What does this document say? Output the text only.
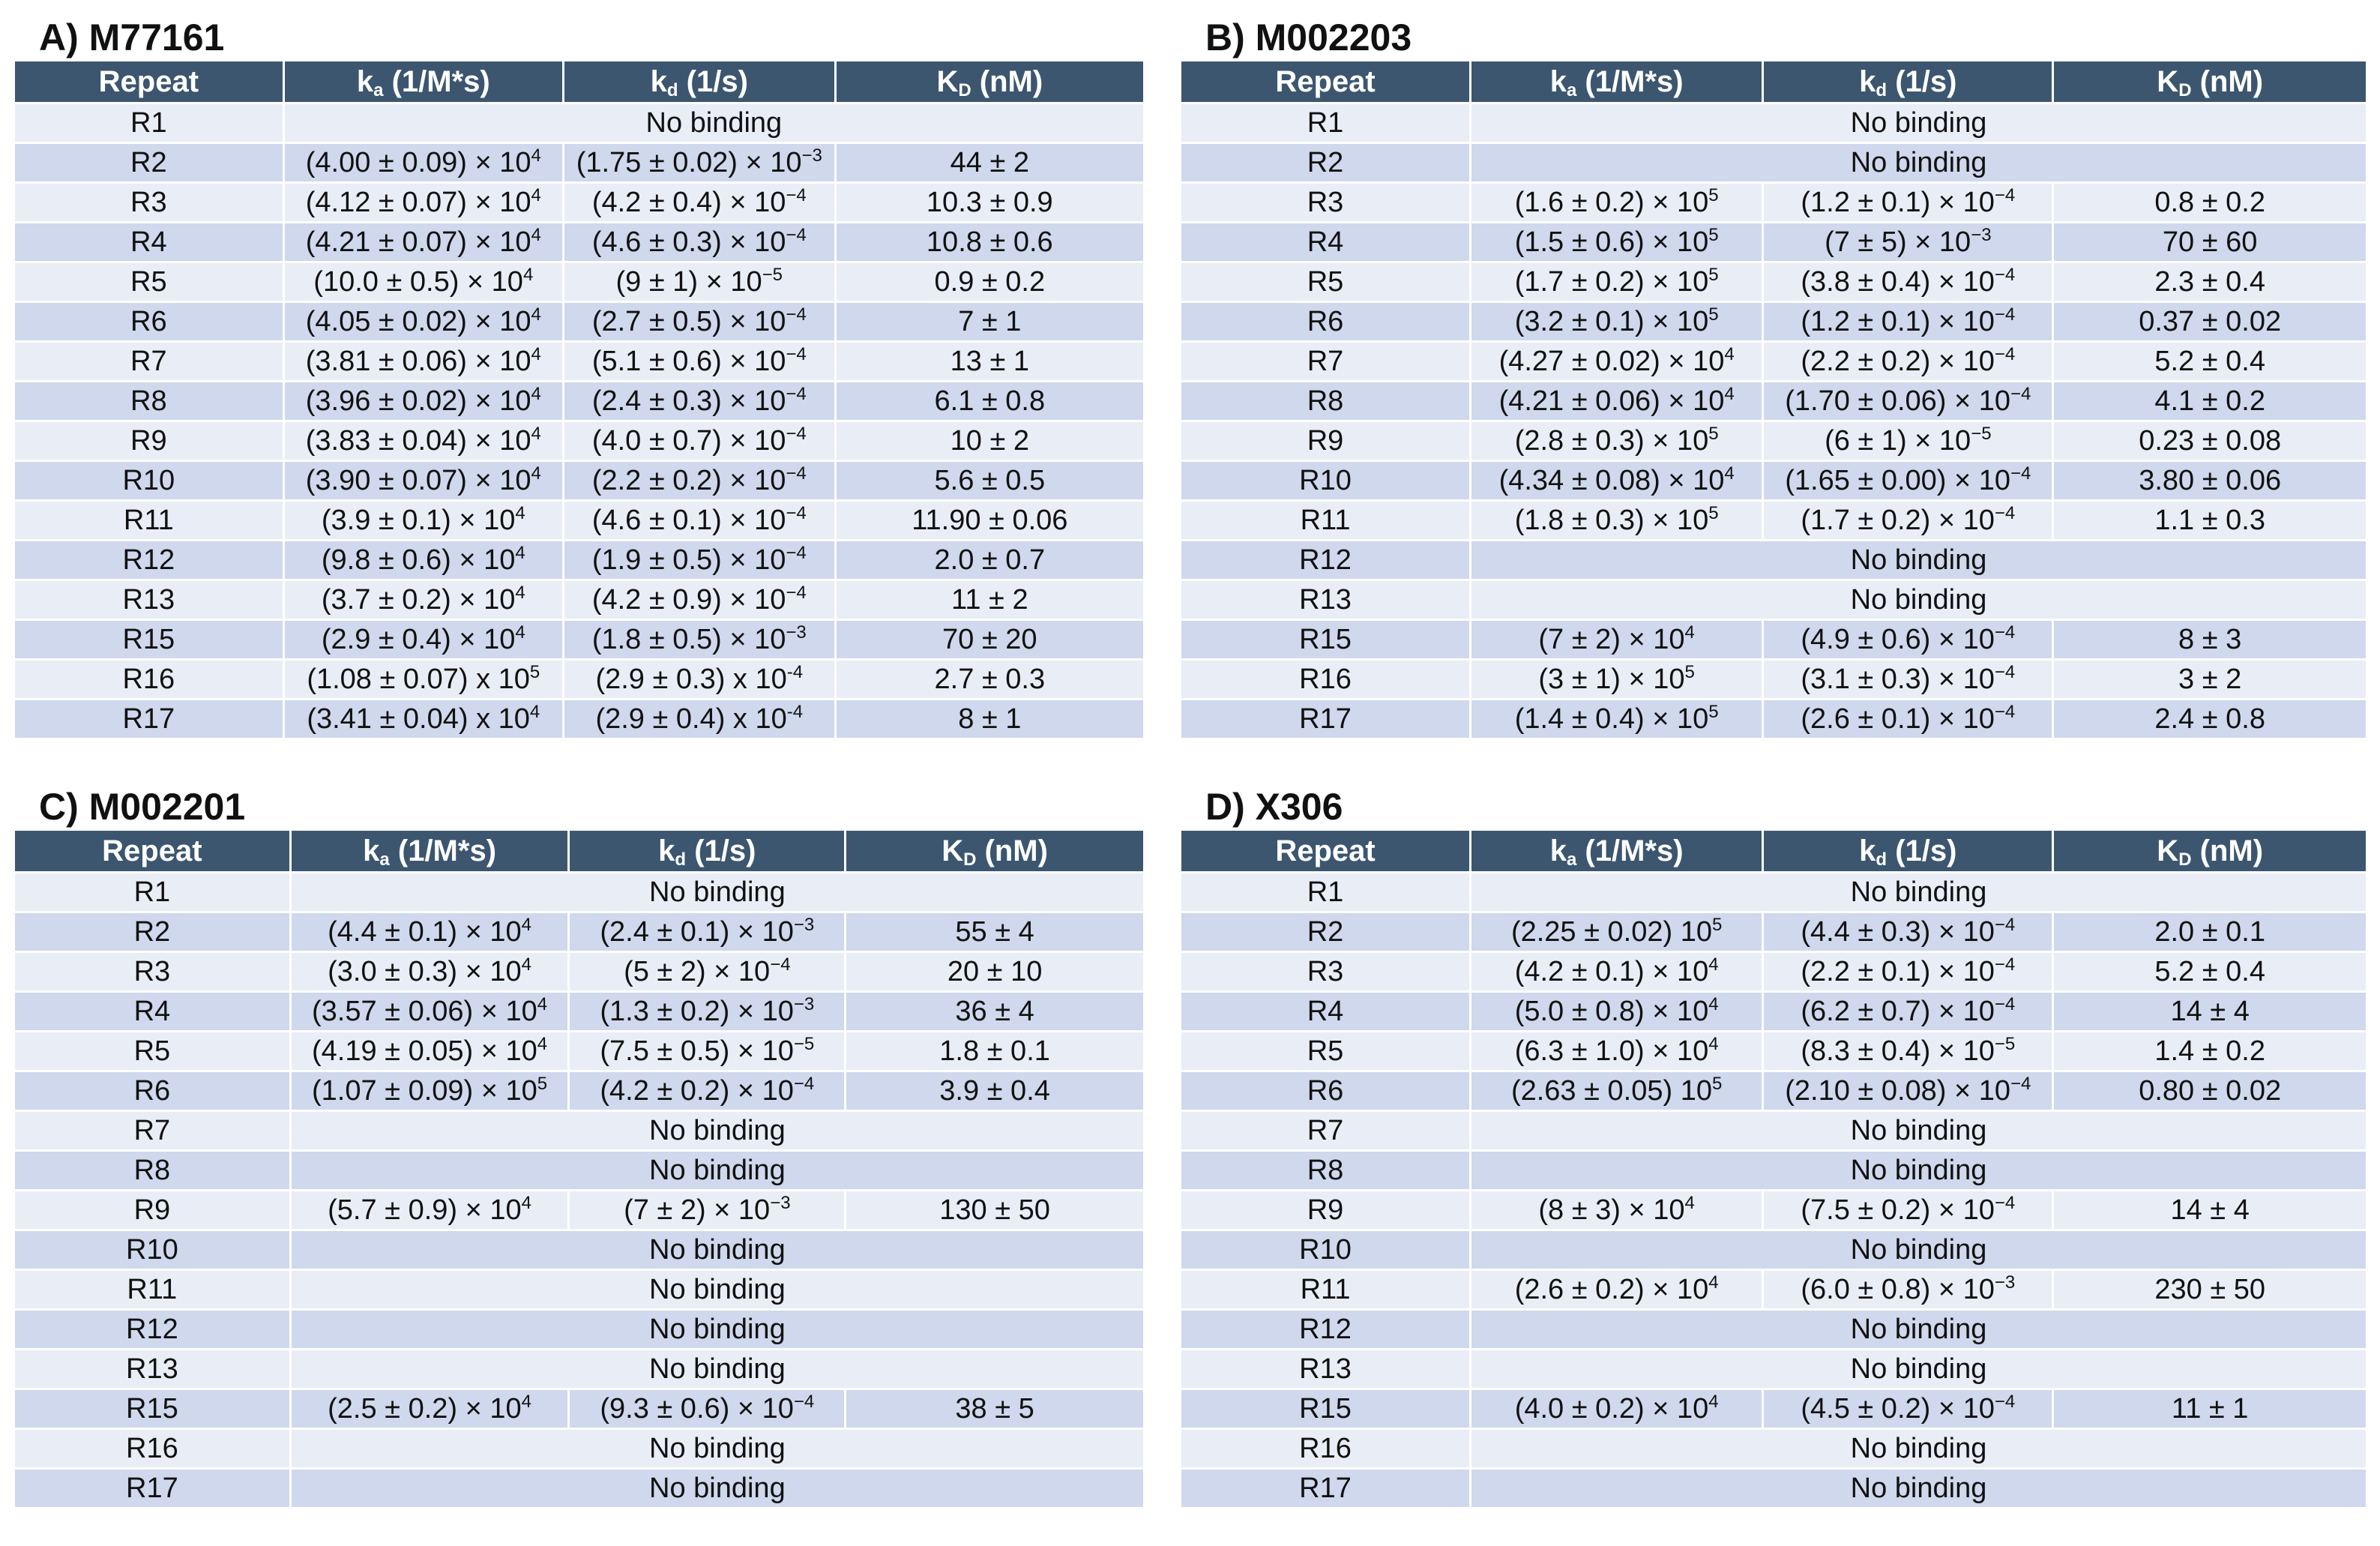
A) M77161
Repeat	$k_a$ (1/M*s)	$k_d$ (1/s)	$K_D$ (nM)
R1	No binding		
R2	$(4.00 \pm 0.09) \times 10^4$	$(1.75 \pm 0.02) \times 10^{-3}$	44 ± 2
R3	$(4.12 \pm 0.07) \times 10^4$	$(4.2 \pm 0.4) \times 10^{-4}$	10.3 ± 0.9
R4	$(4.21 \pm 0.07) \times 10^4$	$(4.6 \pm 0.3) \times 10^{-4}$	10.8 ± 0.6
R5	$(10.0 \pm 0.5) \times 10^4$	$(9 \pm 1) \times 10^{-5}$	0.9 ± 0.2
R6	$(4.05 \pm 0.02) \times 10^4$	$(2.7 \pm 0.5) \times 10^{-4}$	7 ± 1
R7	$(3.81 \pm 0.06) \times 10^4$	$(5.1 \pm 0.6) \times 10^{-4}$	13 ± 1
R8	$(3.96 \pm 0.02) \times 10^4$	$(2.4 \pm 0.3) \times 10^{-4}$	6.1 ± 0.8
R9	$(3.83 \pm 0.04) \times 10^4$	$(4.0 \pm 0.7) \times 10^{-4}$	10 ± 2
R10	$(3.90 \pm 0.07) \times 10^4$	$(2.2 \pm 0.2) \times 10^{-4}$	5.6 ± 0.5
R11	$(3.9 \pm 0.1) \times 10^4$	$(4.6 \pm 0.1) \times 10^{-4}$	11.90 ± 0.06
R12	$(9.8 \pm 0.6) \times 10^4$	$(1.9 \pm 0.5) \times 10^{-4}$	2.0 ± 0.7
R13	$(3.7 \pm 0.2) \times 10^4$	$(4.2 \pm 0.9) \times 10^{-4}$	11 ± 2
R15	$(2.9 \pm 0.4) \times 10^4$	$(1.8 \pm 0.5) \times 10^{-3}$	70 ± 20
R16	(1.08 ± 0.07) x $10^5$	(2.9 ± 0.3) x $10^{-4}$	2.7 ± 0.3
R17	(3.41 ± 0.04) x $10^4$	(2.9 ± 0.4) x $10^{-4}$	8 ± 1
B) M002203
Repeat	$k_a$ (1/M*s)	$k_d$ (1/s)	$K_D$ (nM)
R1	No binding		
R2	No binding		
R3	$(1.6 \pm 0.2) \times 10^5$	$(1.2 \pm 0.1) \times 10^{-4}$	0.8 ± 0.2
R4	$(1.5 \pm 0.6) \times 10^5$	$(7 \pm 5) \times 10^{-3}$	70 ± 60
R5	$(1.7 \pm 0.2) \times 10^5$	$(3.8 \pm 0.4) \times 10^{-4}$	2.3 ± 0.4
R6	$(3.2 \pm 0.1) \times 10^5$	$(1.2 \pm 0.1) \times 10^{-4}$	0.37 ± 0.02
R7	$(4.27 \pm 0.02) \times 10^4$	$(2.2 \pm 0.2) \times 10^{-4}$	5.2 ± 0.4
R8	$(4.21 \pm 0.06) \times 10^4$	$(1.70 \pm 0.06) \times 10^{-4}$	4.1 ± 0.2
R9	$(2.8 \pm 0.3) \times 10^5$	$(6 \pm 1) \times 10^{-5}$	0.23 ± 0.08
R10	$(4.34 \pm 0.08) \times 10^4$	$(1.65 \pm 0.00) \times 10^{-4}$	3.80 ± 0.06
R11	$(1.8 \pm 0.3) \times 10^5$	$(1.7 \pm 0.2) \times 10^{-4}$	1.1 ± 0.3
R12	No binding		
R13	No binding		
R15	$(7 \pm 2) \times 10^4$	$(4.9 \pm 0.6) \times 10^{-4}$	8 ± 3
R16	$(3 \pm 1) \times 10^5$	$(3.1 \pm 0.3) \times 10^{-4}$	3 ± 2
R17	$(1.4 \pm 0.4) \times 10^5$	$(2.6 \pm 0.1) \times 10^{-4}$	2.4 ± 0.8
C) M002201
Repeat	$k_a$ (1/M*s)	$k_d$ (1/s)	$K_D$ (nM)
R1	No binding		
R2	$(4.4 \pm 0.1) \times 10^4$	$(2.4 \pm 0.1) \times 10^{-3}$	55 ± 4
R3	$(3.0 \pm 0.3) \times 10^4$	$(5 \pm 2) \times 10^{-4}$	20 ± 10
R4	$(3.57 \pm 0.06) \times 10^4$	$(1.3 \pm 0.2) \times 10^{-3}$	36 ± 4
R5	$(4.19 \pm 0.05) \times 10^4$	$(7.5 \pm 0.5) \times 10^{-5}$	1.8 ± 0.1
R6	$(1.07 \pm 0.09) \times 10^5$	$(4.2 \pm 0.2) \times 10^{-4}$	3.9 ± 0.4
R7	No binding		
R8	No binding		
R9	$(5.7 \pm 0.9) \times 10^4$	$(7 \pm 2) \times 10^{-3}$	130 ± 50
R10	No binding		
R11	No binding		
R12	No binding		
R13	No binding		
R15	$(2.5 \pm 0.2) \times 10^4$	$(9.3 \pm 0.6) \times 10^{-4}$	38 ± 5
R16	No binding		
R17	No binding		
D) X306
Repeat	$k_a$ (1/M*s)	$k_d$ (1/s)	$K_D$ (nM)
R1	No binding		
R2	(2.25 ± 0.02) $10^5$	$(4.4 \pm 0.3) \times 10^{-4}$	2.0 ± 0.1
R3	$(4.2 \pm 0.1) \times 10^4$	$(2.2 \pm 0.1) \times 10^{-4}$	5.2 ± 0.4
R4	$(5.0 \pm 0.8) \times 10^4$	$(6.2 \pm 0.7) \times 10^{-4}$	14 ± 4
R5	$(6.3 \pm 1.0) \times 10^4$	$(8.3 \pm 0.4) \times 10^{-5}$	1.4 ± 0.2
R6	(2.63 ± 0.05) $10^5$	$(2.10 \pm 0.08) \times 10^{-4}$	0.80 ± 0.02
R7	No binding		
R8	No binding		
R9	$(8 \pm 3) \times 10^4$	$(7.5 \pm 0.2) \times 10^{-4}$	14 ± 4
R10	No binding		
R11	$(2.6 \pm 0.2) \times 10^4$	$(6.0 \pm 0.8) \times 10^{-3}$	230 ± 50
R12	No binding		
R13	No binding		
R15	$(4.0 \pm 0.2) \times 10^4$	$(4.5 \pm 0.2) \times 10^{-4}$	11 ± 1
R16	No binding		
R17	No binding		
